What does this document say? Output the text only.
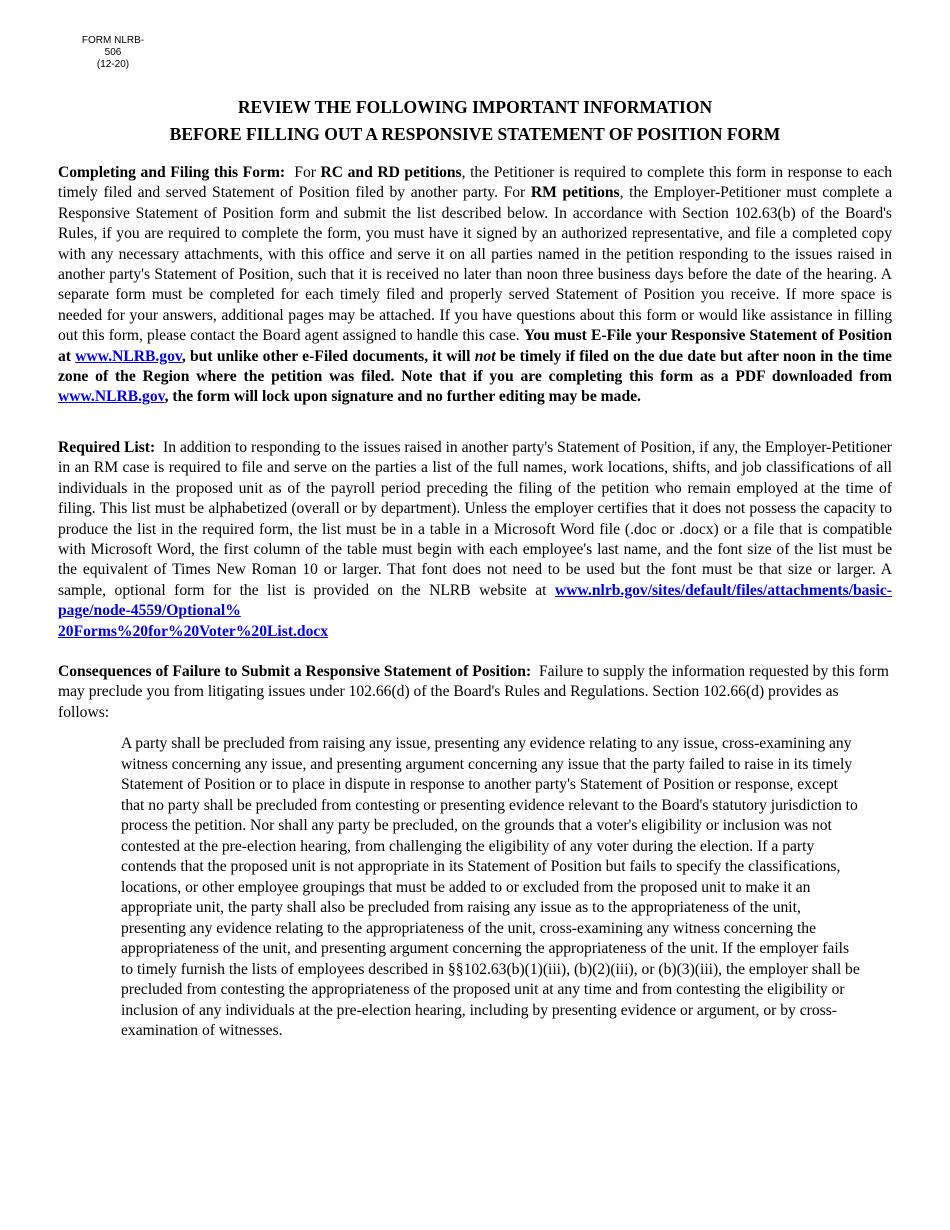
FORM NLRB-506
(12-20)
REVIEW THE FOLLOWING IMPORTANT INFORMATION
BEFORE FILLING OUT A RESPONSIVE STATEMENT OF POSITION FORM
Completing and Filing this Form: For RC and RD petitions, the Petitioner is required to complete this form in response to each timely filed and served Statement of Position filed by another party. For RM petitions, the Employer-Petitioner must complete a Responsive Statement of Position form and submit the list described below. In accordance with Section 102.63(b) of the Board's Rules, if you are required to complete the form, you must have it signed by an authorized representative, and file a completed copy with any necessary attachments, with this office and serve it on all parties named in the petition responding to the issues raised in another party's Statement of Position, such that it is received no later than noon three business days before the date of the hearing. A separate form must be completed for each timely filed and properly served Statement of Position you receive. If more space is needed for your answers, additional pages may be attached. If you have questions about this form or would like assistance in filling out this form, please contact the Board agent assigned to handle this case. You must E-File your Responsive Statement of Position at www.NLRB.gov, but unlike other e-Filed documents, it will not be timely if filed on the due date but after noon in the time zone of the Region where the petition was filed. Note that if you are completing this form as a PDF downloaded from www.NLRB.gov, the form will lock upon signature and no further editing may be made.
Required List: In addition to responding to the issues raised in another party's Statement of Position, if any, the Employer-Petitioner in an RM case is required to file and serve on the parties a list of the full names, work locations, shifts, and job classifications of all individuals in the proposed unit as of the payroll period preceding the filing of the petition who remain employed at the time of filing. This list must be alphabetized (overall or by department). Unless the employer certifies that it does not possess the capacity to produce the list in the required form, the list must be in a table in a Microsoft Word file (.doc or .docx) or a file that is compatible with Microsoft Word, the first column of the table must begin with each employee's last name, and the font size of the list must be the equivalent of Times New Roman 10 or larger. That font does not need to be used but the font must be that size or larger. A sample, optional form for the list is provided on the NLRB website at www.nlrb.gov/sites/default/files/attachments/basic-page/node-4559/Optional%
20Forms%20for%20Voter%20List.docx
Consequences of Failure to Submit a Responsive Statement of Position: Failure to supply the information requested by this form may preclude you from litigating issues under 102.66(d) of the Board's Rules and Regulations. Section 102.66(d) provides as follows:
A party shall be precluded from raising any issue, presenting any evidence relating to any issue, cross-examining any witness concerning any issue, and presenting argument concerning any issue that the party failed to raise in its timely Statement of Position or to place in dispute in response to another party's Statement of Position or response, except that no party shall be precluded from contesting or presenting evidence relevant to the Board's statutory jurisdiction to process the petition. Nor shall any party be precluded, on the grounds that a voter's eligibility or inclusion was not contested at the pre-election hearing, from challenging the eligibility of any voter during the election. If a party contends that the proposed unit is not appropriate in its Statement of Position but fails to specify the classifications, locations, or other employee groupings that must be added to or excluded from the proposed unit to make it an appropriate unit, the party shall also be precluded from raising any issue as to the appropriateness of the unit, presenting any evidence relating to the appropriateness of the unit, cross-examining any witness concerning the appropriateness of the unit, and presenting argument concerning the appropriateness of the unit. If the employer fails to timely furnish the lists of employees described in §§102.63(b)(1)(iii), (b)(2)(iii), or (b)(3)(iii), the employer shall be precluded from contesting the appropriateness of the proposed unit at any time and from contesting the eligibility or inclusion of any individuals at the pre-election hearing, including by presenting evidence or argument, or by cross-examination of witnesses.
